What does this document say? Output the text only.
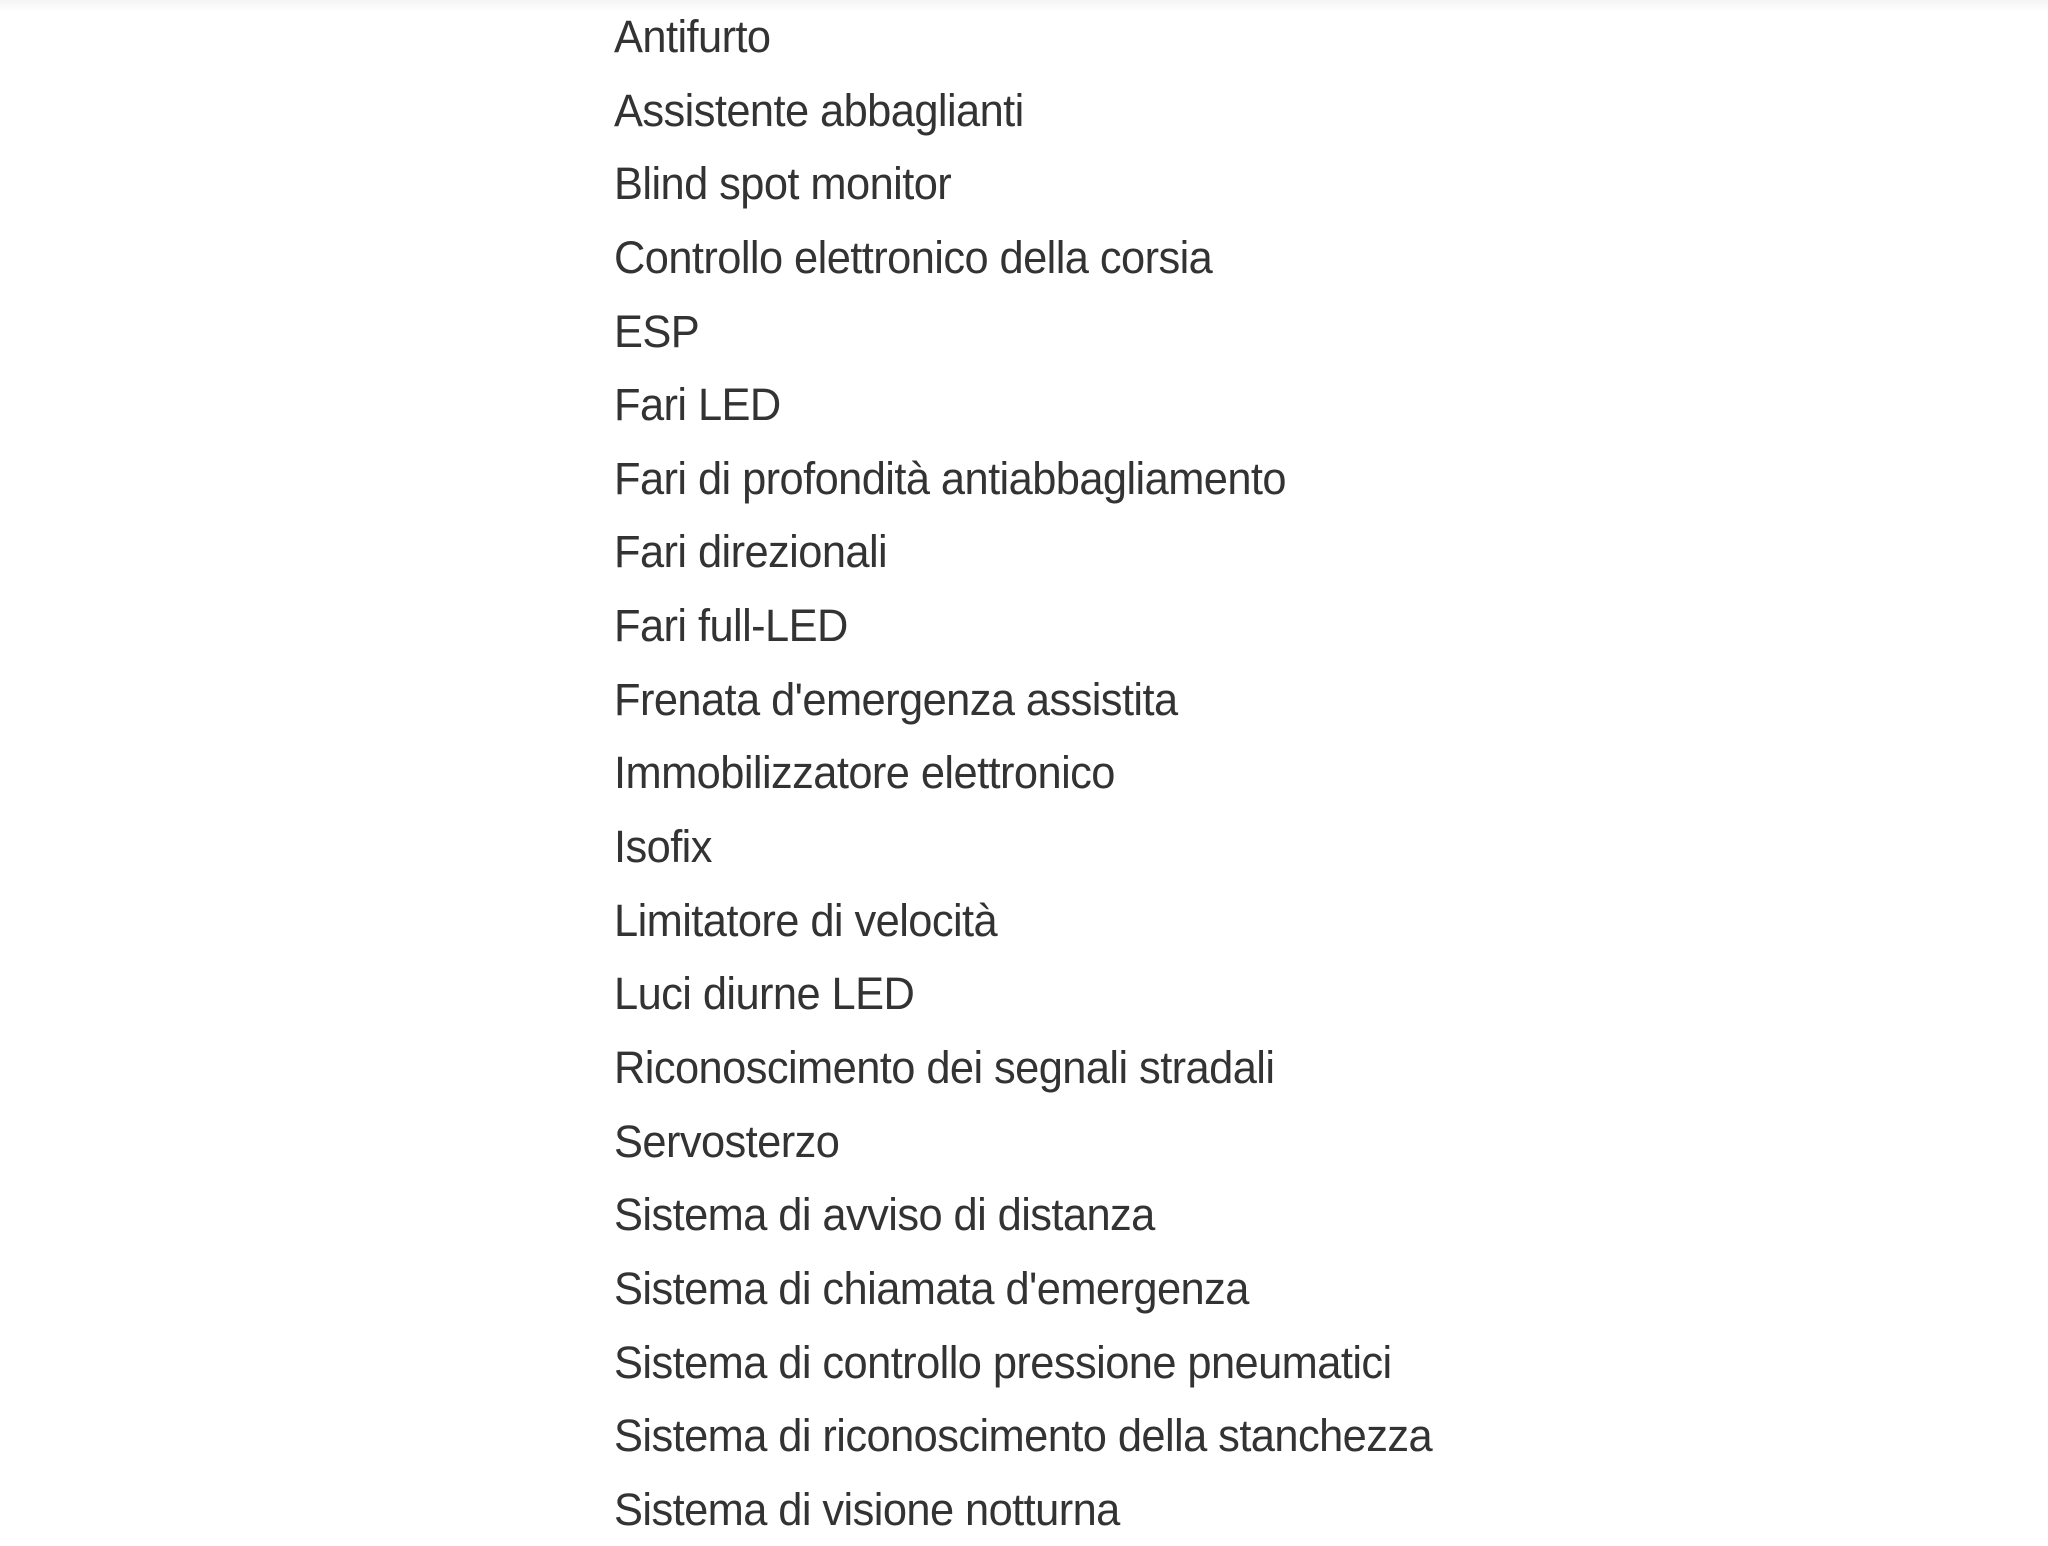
Antifurto
Assistente abbaglianti
Blind spot monitor
Controllo elettronico della corsia
ESP
Fari LED
Fari di profondità antiabbagliamento
Fari direzionali
Fari full-LED
Frenata d'emergenza assistita
Immobilizzatore elettronico
Isofix
Limitatore di velocità
Luci diurne LED
Riconoscimento dei segnali stradali
Servosterzo
Sistema di avviso di distanza
Sistema di chiamata d'emergenza
Sistema di controllo pressione pneumatici
Sistema di riconoscimento della stanchezza
Sistema di visione notturna
